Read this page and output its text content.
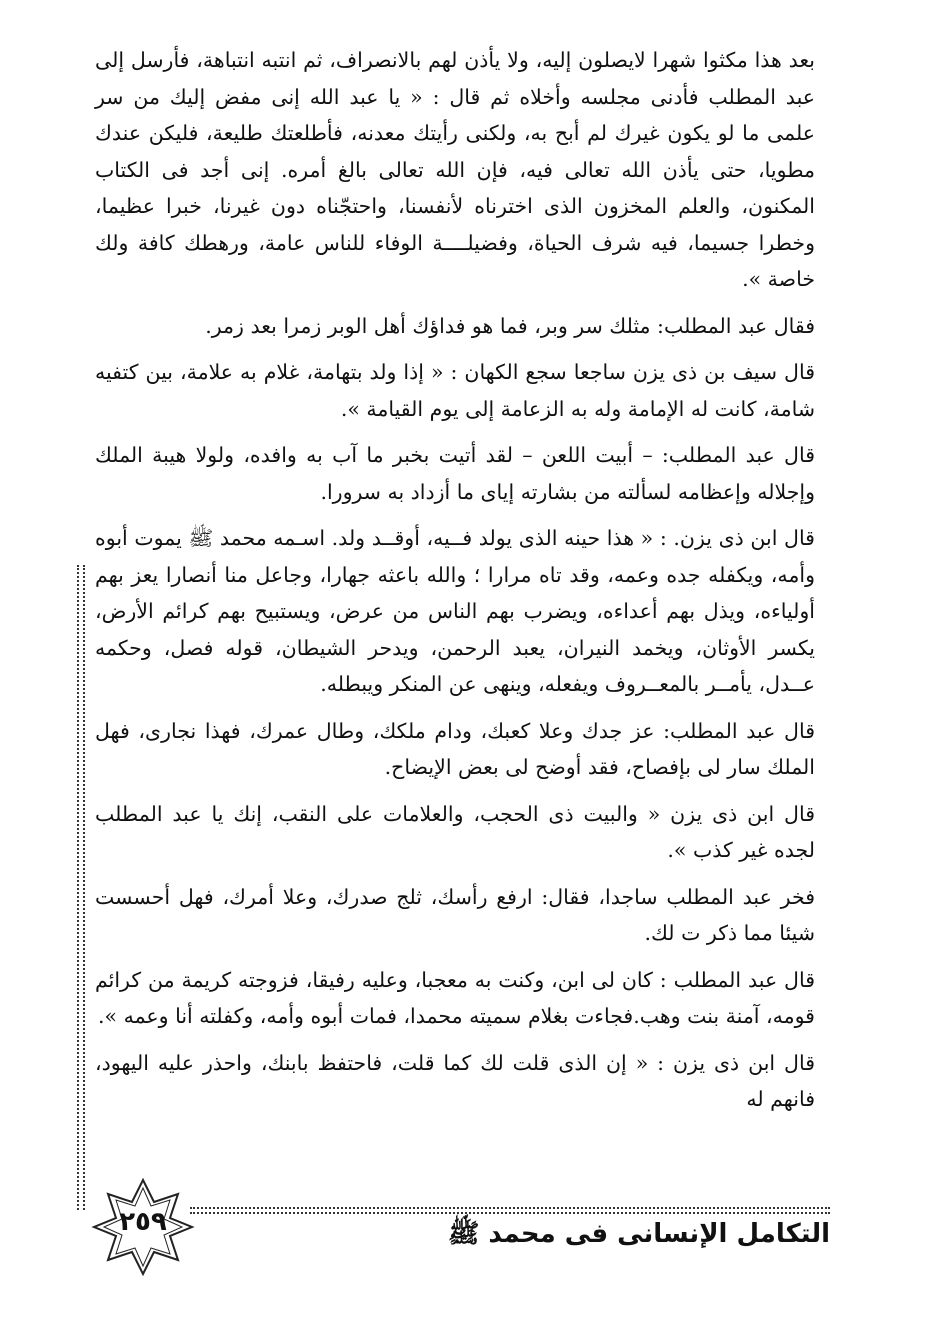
بعد هذا مكثوا شهرا لايصلون إليه، ولا يأذن لهم بالانصراف، ثم انتبه انتباهة، فأرسل إلى عبد المطلب فأدنى مجلسه وأخلاه ثم قال : « يا عبد الله إنى مفض إليك من سر علمى ما لو يكون غيرك لم أبح به، ولكنى رأيتك معدنه، فأطلعتك طليعة، فليكن عندك مطويا، حتى يأذن الله تعالى فيه، فإن الله تعالى بالغ أمره. إنى أجد فى الكتاب المكنون، والعلم المخزون الذى اخترناه لأنفسنا، واحتجّناه دون غيرنا، خبرا عظيما، وخطرا جسيما، فيه شرف الحياة، وفضيلــــة الوفاء للناس عامة، ورهطك كافة ولك خاصة ».

فقال عبد المطلب: مثلك سر وبر، فما هو فداؤك أهل الوبر زمرا بعد زمر.

قال سيف بن ذى يزن ساجعا سجع الكهان : « إذا ولد بتهامة، غلام به علامة، بين كتفيه شامة، كانت له الإمامة وله به الزعامة إلى يوم القيامة ».

قال عبد المطلب: – أبيت اللعن – لقد أتيت بخبر ما آب به وافده، ولولا هيبة الملك وإجلاله وإعظامه لسألته من بشارته إياى ما أزداد به سرورا.

قال ابن ذى يزن. : « هذا حينه الذى يولد فــيه، أوقــد ولد. اسـمه محمد ﷺ يموت أبوه وأمه، ويكفله جده وعمه، وقد تاه مرارا ؛ والله باعثه جهارا، وجاعل منا أنصارا يعز بهم أولياءه، ويذل بهم أعداءه، ويضرب بهم الناس من عرض، ويستبيح بهم كرائم الأرض، يكسر الأوثان، ويخمد النيران، يعبد الرحمن، ويدحر الشيطان، قوله فصل، وحكمه عــدل، يأمــر بالمعــروف ويفعله، وينهى عن المنكر ويبطله.

قال عبد المطلب: عز جدك وعلا كعبك، ودام ملكك، وطال عمرك، فهذا نجارى، فهل الملك سار لى بإفصاح، فقد أوضح لى بعض الإيضاح.

قال ابن ذى يزن « والبيت ذى الحجب، والعلامات على النقب، إنك يا عبد المطلب لجده غير كذب ».

فخر عبد المطلب ساجدا، فقال: ارفع رأسك، ثلج صدرك، وعلا أمرك، فهل أحسست شيئا مما ذكر ت لك.

قال عبد المطلب : كان لى ابن، وكنت به معجبا، وعليه رفيقا، فزوجته كريمة من كرائم قومه، آمنة بنت وهب.فجاءت بغلام سميته محمدا، فمات أبوه وأمه، وكفلته أنا وعمه ».

قال ابن ذى يزن : « إن الذى قلت لك كما قلت، فاحتفظ بابنك، واحذر عليه اليهود، فانهم له

٢٥٩	التكامل الإنسانى فى محمد ﷺ
